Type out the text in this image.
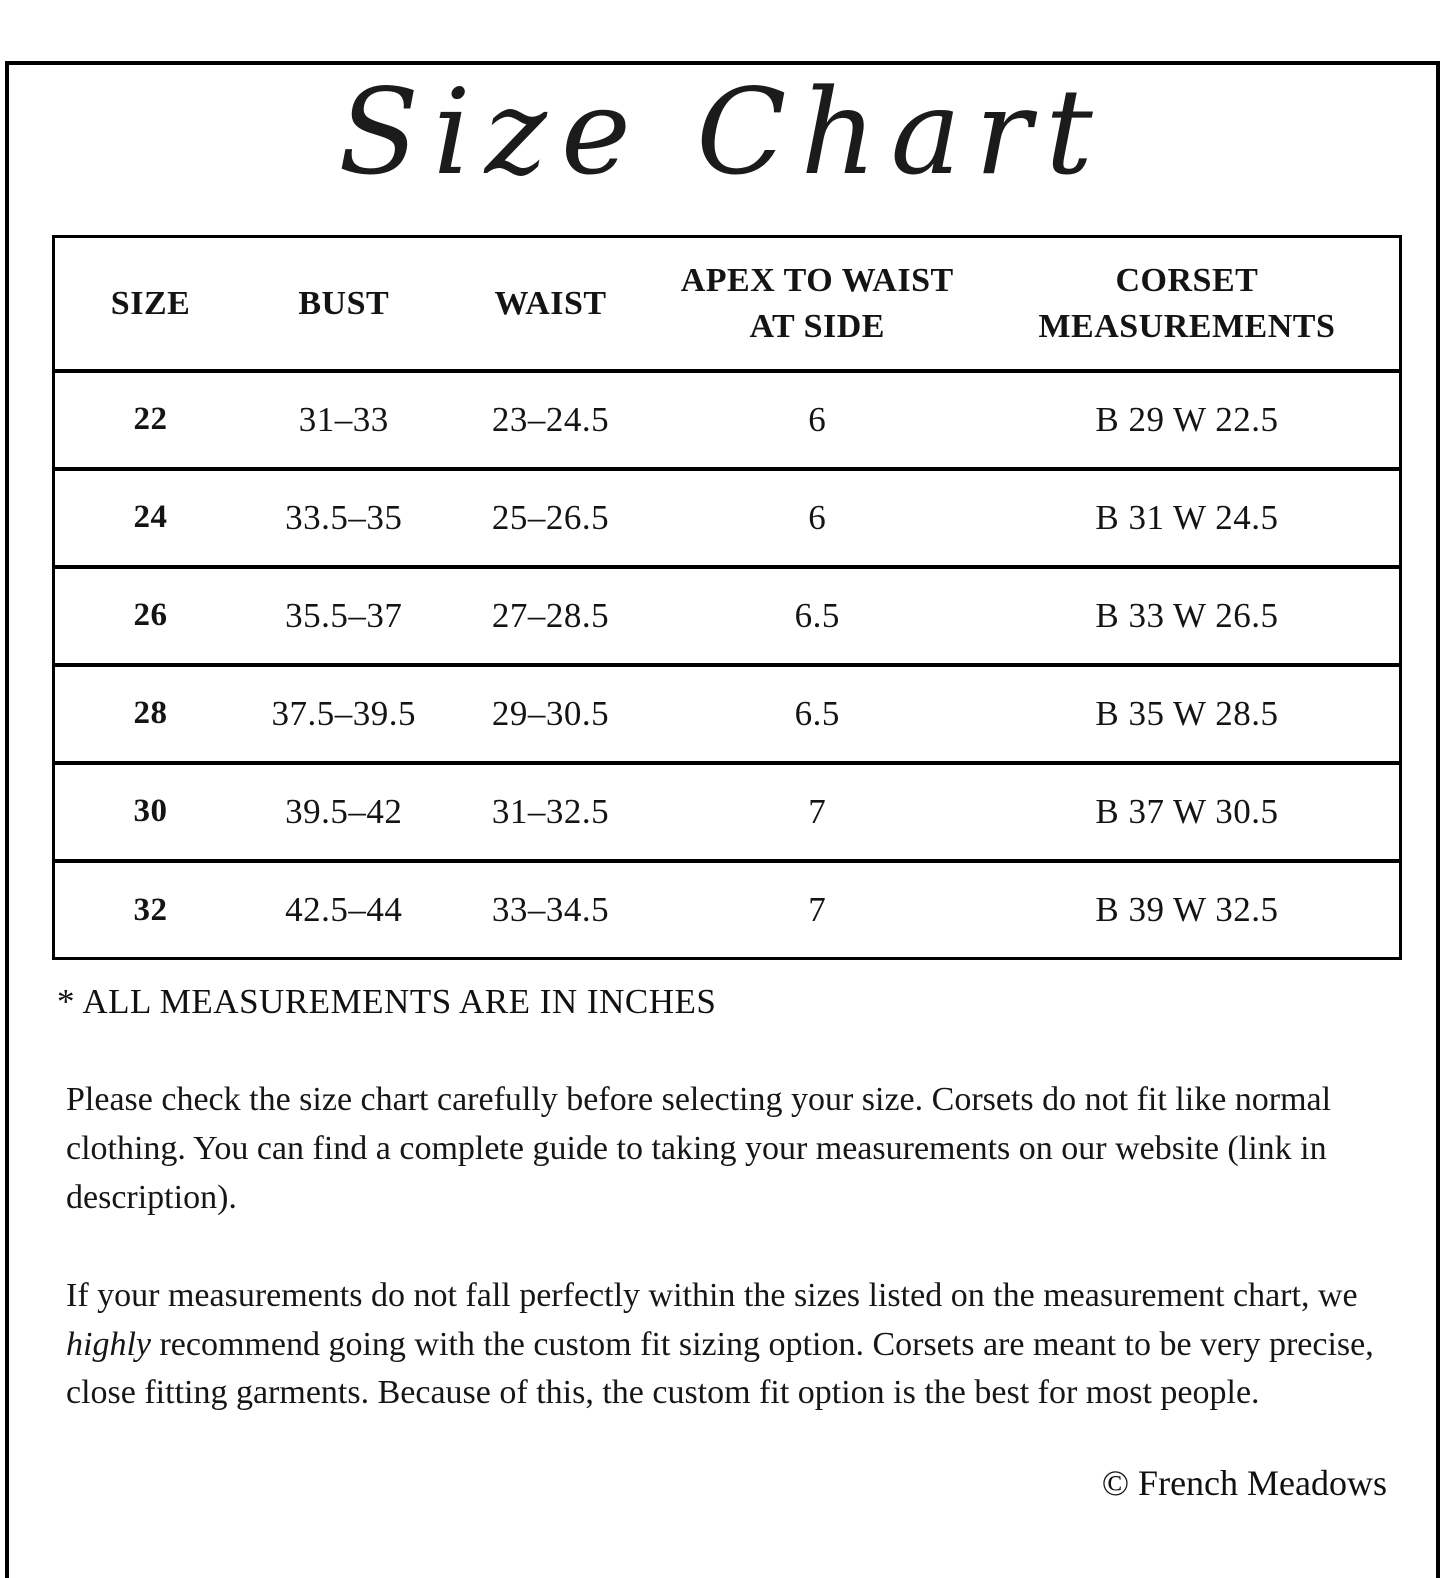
Size Chart
SIZE	BUST	WAIST	APEX TO WAIST AT SIDE	CORSET MEASUREMENTS
22	31–33	23–24.5	6	B 29 W 22.5
24	33.5–35	25–26.5	6	B 31 W 24.5
26	35.5–37	27–28.5	6.5	B 33 W 26.5
28	37.5–39.5	29–30.5	6.5	B 35 W 28.5
30	39.5–42	31–32.5	7	B 37 W 30.5
32	42.5–44	33–34.5	7	B 39 W 32.5
* ALL MEASUREMENTS ARE IN INCHES

Please check the size chart carefully before selecting your size. Corsets do not fit like normal clothing. You can find a complete guide to taking your measurements on our website (link in description).

If your measurements do not fall perfectly within the sizes listed on the measurement chart, we highly recommend going with the custom fit sizing option. Corsets are meant to be very precise, close fitting garments. Because of this, the custom fit option is the best for most people.

© French Meadows
